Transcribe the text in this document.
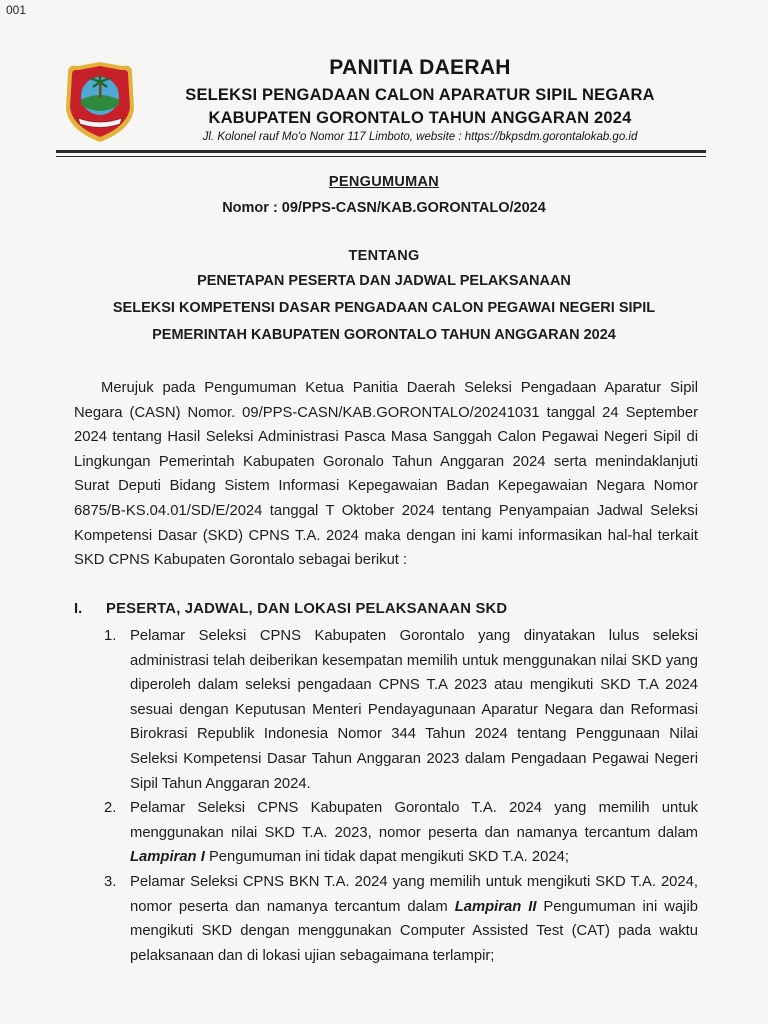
001
PANITIA DAERAH
SELEKSI PENGADAAN CALON APARATUR SIPIL NEGARA
KABUPATEN GORONTALO TAHUN ANGGARAN 2024
Jl. Kolonel rauf Mo'o Nomor 117 Limboto, website : https://bkpsdm.gorontalokab.go.id
PENGUMUMAN
Nomor : 09/PPS-CASN/KAB.GORONTALO/2024
TENTANG
PENETAPAN PESERTA DAN JADWAL PELAKSANAAN
SELEKSI KOMPETENSI DASAR PENGADAAN CALON PEGAWAI NEGERI SIPIL
PEMERINTAH KABUPATEN GORONTALO TAHUN ANGGARAN 2024
Merujuk pada Pengumuman Ketua Panitia Daerah Seleksi Pengadaan Aparatur Sipil Negara (CASN) Nomor. 09/PPS-CASN/KAB.GORONTALO/20241031 tanggal 24 September 2024 tentang Hasil Seleksi Administrasi Pasca Masa Sanggah Calon Pegawai Negeri Sipil di Lingkungan Pemerintah Kabupaten Goronalo Tahun Anggaran 2024 serta menindaklanjuti Surat Deputi Bidang Sistem Informasi Kepegawaian Badan Kepegawaian Negara Nomor 6875/B-KS.04.01/SD/E/2024 tanggal T Oktober 2024 tentang Penyampaian Jadwal Seleksi Kompetensi Dasar (SKD) CPNS T.A. 2024 maka dengan ini kami informasikan hal-hal terkait SKD CPNS Kabupaten Gorontalo sebagai berikut :
I. PESERTA, JADWAL, DAN LOKASI PELAKSANAAN SKD
1. Pelamar Seleksi CPNS Kabupaten Gorontalo yang dinyatakan lulus seleksi administrasi telah deiberikan kesempatan memilih untuk menggunakan nilai SKD yang diperoleh dalam seleksi pengadaan CPNS T.A 2023 atau mengikuti SKD T.A 2024 sesuai dengan Keputusan Menteri Pendayagunaan Aparatur Negara dan Reformasi Birokrasi Republik Indonesia Nomor 344 Tahun 2024 tentang Penggunaan Nilai Seleksi Kompetensi Dasar Tahun Anggaran 2023 dalam Pengadaan Pegawai Negeri Sipil Tahun Anggaran 2024.
2. Pelamar Seleksi CPNS Kabupaten Gorontalo T.A. 2024 yang memilih untuk menggunakan nilai SKD T.A. 2023, nomor peserta dan namanya tercantum dalam Lampiran I Pengumuman ini tidak dapat mengikuti SKD T.A. 2024;
3. Pelamar Seleksi CPNS BKN T.A. 2024 yang memilih untuk mengikuti SKD T.A. 2024, nomor peserta dan namanya tercantum dalam Lampiran II Pengumuman ini wajib mengikuti SKD dengan menggunakan Computer Assisted Test (CAT) pada waktu pelaksanaan dan di lokasi ujian sebagaimana terlampir;
